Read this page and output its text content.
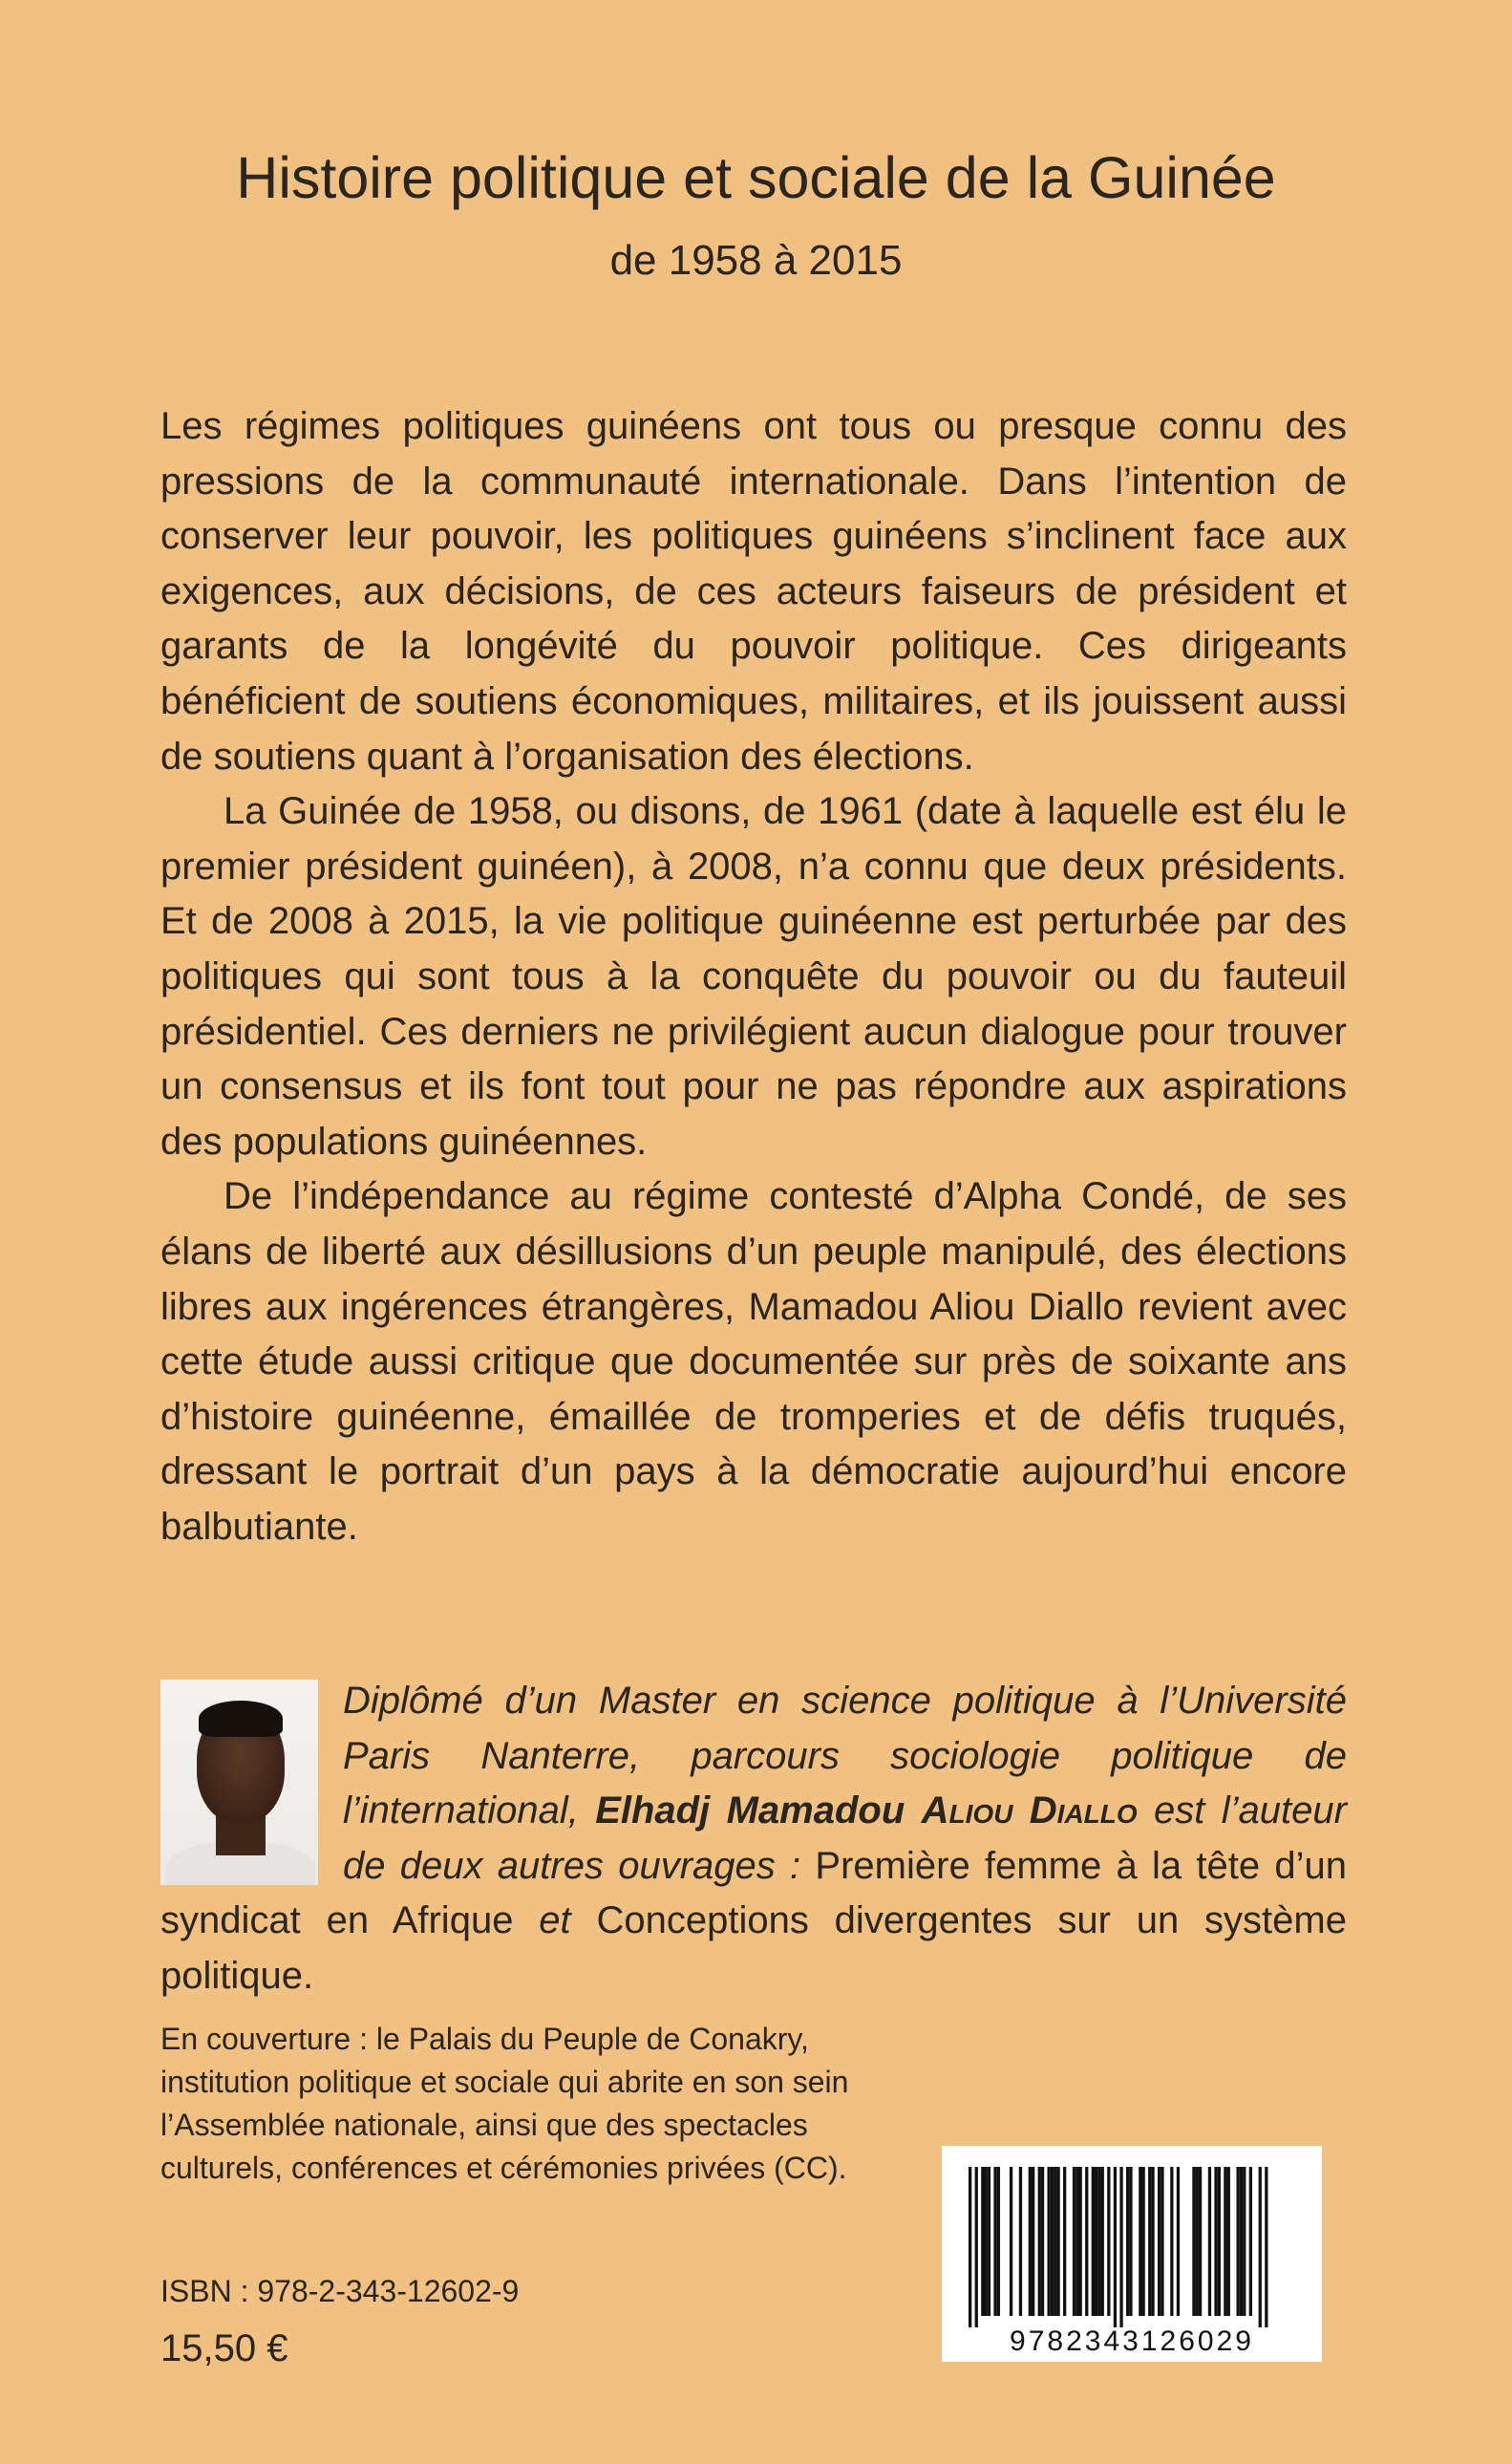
Histoire politique et sociale de la Guinée
de 1958 à 2015

Les régimes politiques guinéens ont tous ou presque connu des pressions de la communauté internationale. Dans l’intention de conserver leur pouvoir, les politiques guinéens s’inclinent face aux exigences, aux décisions, de ces acteurs faiseurs de président et garants de la longévité du pouvoir politique. Ces dirigeants bénéficient de soutiens économiques, militaires, et ils jouissent aussi de soutiens quant à l’organisation des élections.

La Guinée de 1958, ou disons, de 1961 (date à laquelle est élu le premier président guinéen), à 2008, n’a connu que deux présidents. Et de 2008 à 2015, la vie politique guinéenne est perturbée par des politiques qui sont tous à la conquête du pouvoir ou du fauteuil présidentiel. Ces derniers ne privilégient aucun dialogue pour trouver un consensus et ils font tout pour ne pas répondre aux aspirations des populations guinéennes.

De l’indépendance au régime contesté d’Alpha Condé, de ses élans de liberté aux désillusions d’un peuple manipulé, des élections libres aux ingérences étrangères, Mamadou Aliou Diallo revient avec cette étude aussi critique que documentée sur près de soixante ans d’histoire guinéenne, émaillée de tromperies et de défis truqués, dressant le portrait d’un pays à la démocratie aujourd’hui encore balbutiante.

Diplômé d’un Master en science politique à l’Université Paris Nanterre, parcours sociologie politique de l’international, Elhadj Mamadou Aliou Diallo est l’auteur de deux autres ouvrages : Première femme à la tête d’un syndicat en Afrique et Conceptions divergentes sur un système politique.
En couverture : le Palais du Peuple de Conakry, institution politique et sociale qui abrite en son sein l’Assemblée nationale, ainsi que des spectacles culturels, conférences et cérémonies privées (CC).
ISBN : 978-2-343-12602-9
15,50 €	9782343126029
